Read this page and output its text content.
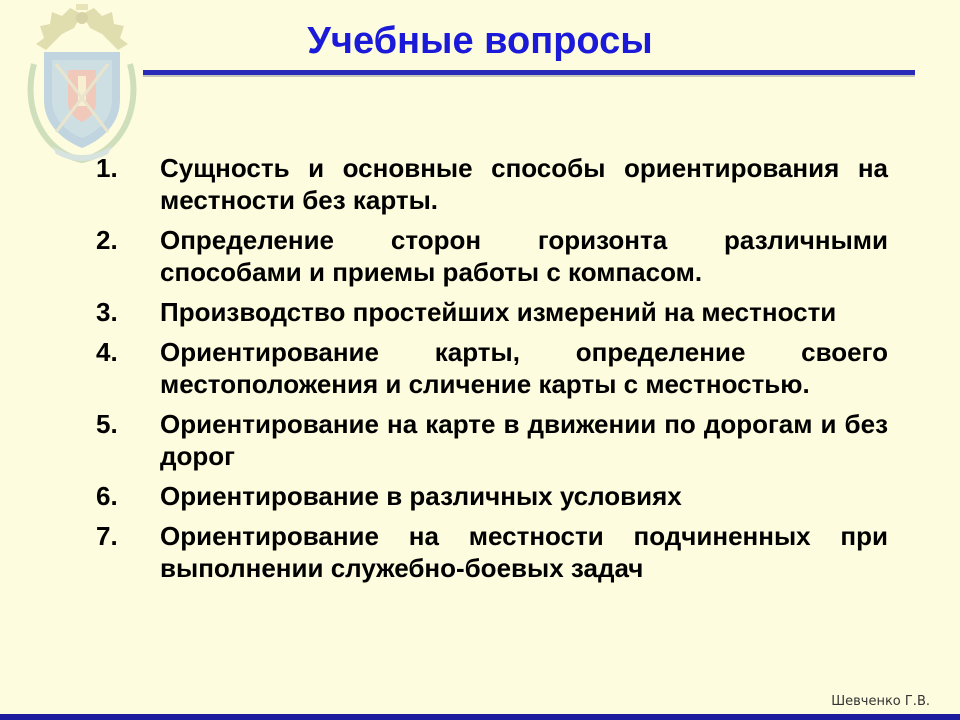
Учебные вопросы
1.	Сущность и основные способы ориентирования на местности без карты.
2.	Определение сторон горизонта различными способами и приемы работы с компасом.
3.	Производство простейших измерений на местности
4.	Ориентирование карты, определение своего местоположения и сличение карты с местностью.
5.	Ориентирование на карте в движении по дорогам и без дорог
6.	Ориентирование в различных условиях
7.	Ориентирование на местности подчиненных при выполнении служебно-боевых задач
Шевченко Г.В.
